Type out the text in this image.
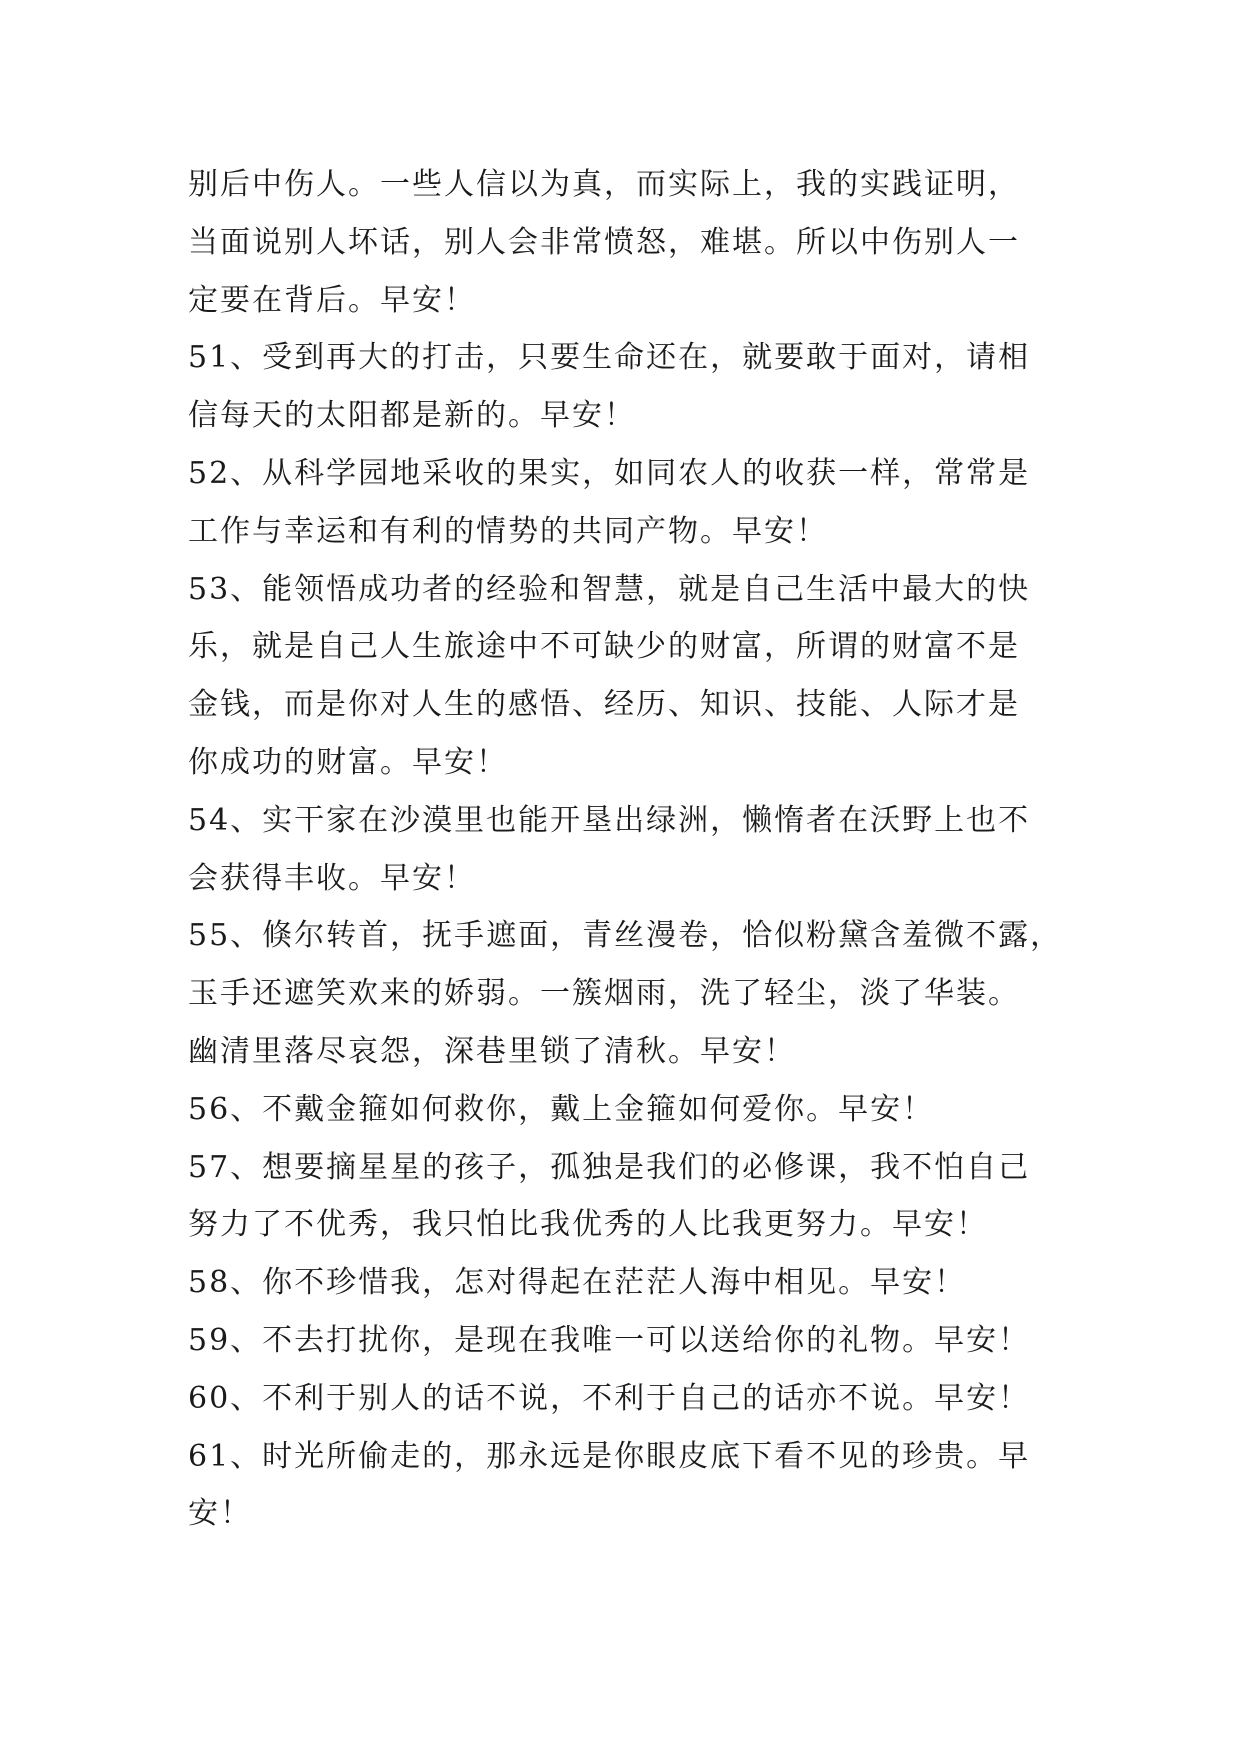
别后中伤人。一些人信以为真，而实际上，我的实践证明，
当面说别人坏话，别人会非常愤怒，难堪。所以中伤别人一
定要在背后。早安！
51、受到再大的打击，只要生命还在，就要敢于面对，请相
信每天的太阳都是新的。早安！
52、从科学园地采收的果实，如同农人的收获一样，常常是
工作与幸运和有利的情势的共同产物。早安！
53、能领悟成功者的经验和智慧，就是自己生活中最大的快
乐，就是自己人生旅途中不可缺少的财富，所谓的财富不是
金钱，而是你对人生的感悟、经历、知识、技能、人际才是
你成功的财富。早安！
54、实干家在沙漠里也能开垦出绿洲，懒惰者在沃野上也不
会获得丰收。早安！
55、倏尔转首，抚手遮面，青丝漫卷，恰似粉黛含羞微不露，
玉手还遮笑欢来的娇弱。一簇烟雨，洗了轻尘，淡了华装。
幽清里落尽哀怨，深巷里锁了清秋。早安！
56、不戴金箍如何救你，戴上金箍如何爱你。早安！
57、想要摘星星的孩子，孤独是我们的必修课，我不怕自己
努力了不优秀，我只怕比我优秀的人比我更努力。早安！
58、你不珍惜我，怎对得起在茫茫人海中相见。早安！
59、不去打扰你，是现在我唯一可以送给你的礼物。早安！
60、不利于别人的话不说，不利于自己的话亦不说。早安！
61、时光所偷走的，那永远是你眼皮底下看不见的珍贵。早
安！
